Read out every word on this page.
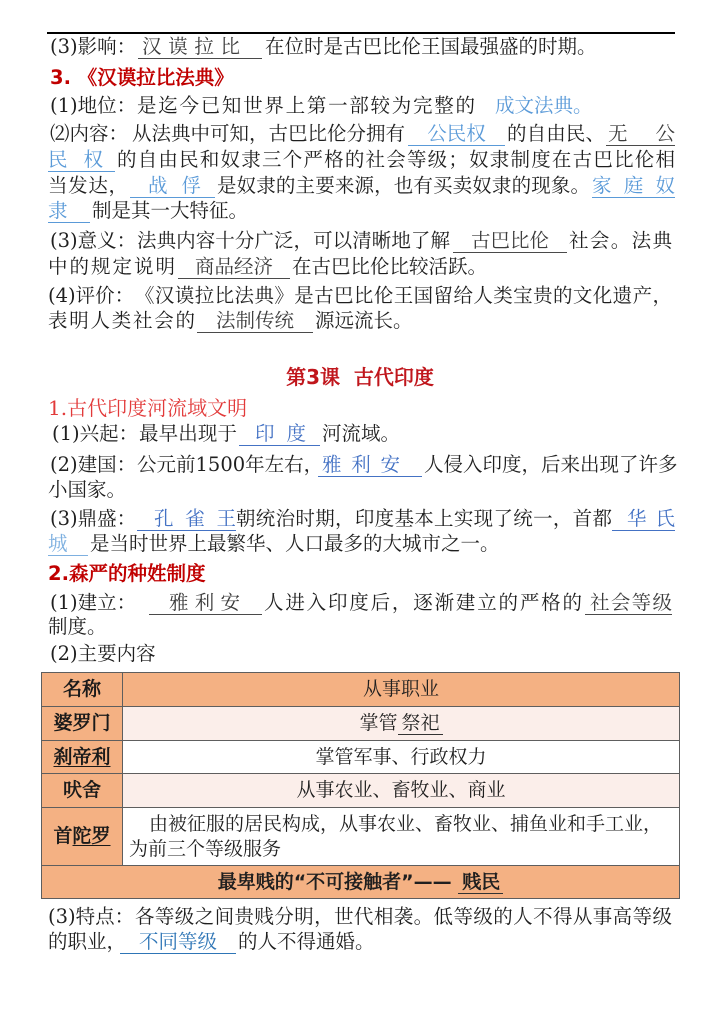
(3)影响： 汉 谟 拉 比	在位时是古巴比伦王国最强盛的时期。
3. 《汉谟拉比法典》
(1)地位： 是迄今已知世界上第一部较为完整的 成文法典。
⑵内容： 从法典中可知，古巴比伦分拥有	公民权	的自由民、 无 公
民 权 的自由民和奴隶三个严格的社会等级；奴隶制度在古巴比伦相
当发达，	战 俘 是奴隶的主要来源，也有买卖奴隶的现象。 家 庭 奴
隶	制是其一大特征。
(3)意义： 法典内容十分广泛，可以清晰地了解	古巴比伦	社会。法典
中的规定说明	商品经济 在古巴比伦比较活跃。
(4)评价： 《汉谟拉比法典》是古巴比伦王国留给人类宝贵的文化遗产，
表明人类社会的	法制传统	源远流长。
第3课  古代印度
1.古代印度河流域文明
(1)兴起： 最早出现于 印 度 河流域。
(2)建国： 公元前1500年左右，
雅 利 安	人侵入印度，后来出现了许多
小国家。
(3)鼎盛： 孔 雀 王 朝统治时期，印度基本上实现了统一，首都 华 氏
城	是当时世界上最繁华、人口最多的大城市之一。
2.森严的种姓制度
(1)建立：	雅 利 安	人进入印度后，逐渐建立的严格的 社会等级
制度。
(2)主要内容
名称	从事职业
婆罗门	掌管 祭祀
刹帝利	掌管军事、行政权力
吠舍	从事农业、畜牧业、商业
首陀罗	由被征服的居民构成，从事农业、畜牧业、捕鱼业和手工业，
为前三个等级服务

最卑贱的“不可接触者”—— 贱民	
(3)特点： 各等级之间贵贱分明，世代相袭。低等级的人不得从事高等级
的职业， 不同等级	的人不得通婚。
